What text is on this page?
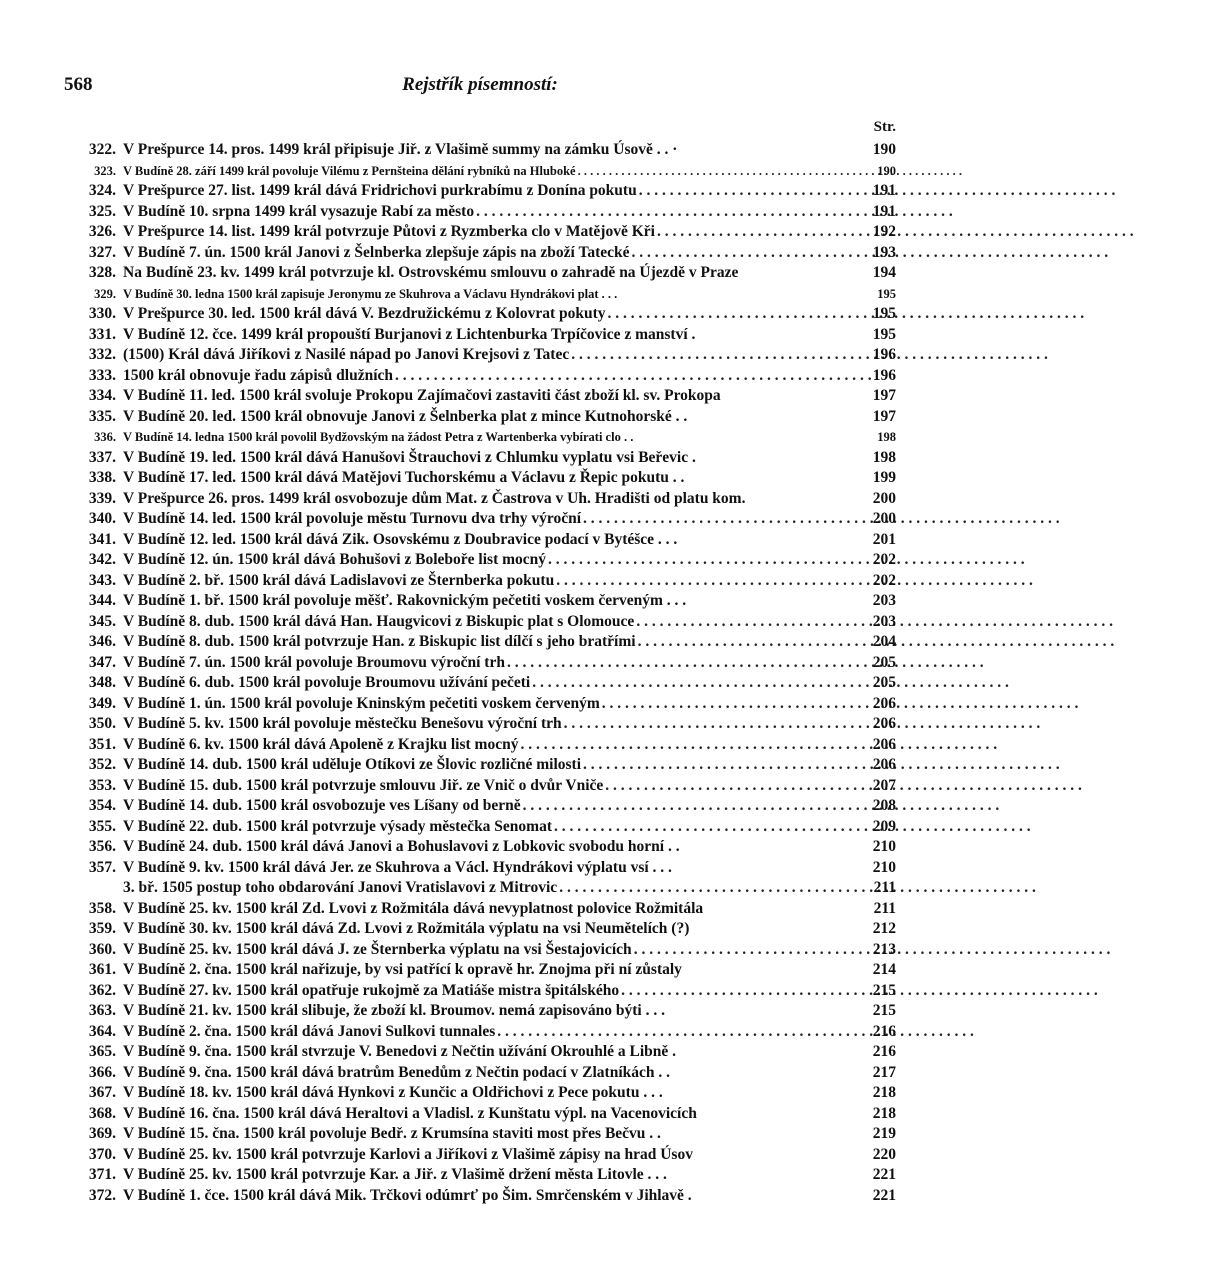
568	Rejstřík písemností:
Str.
322. V Prešpurce 14. pros. 1499 král připisuje Jiř. z Vlašimě summy na zámku Úsově . . ·	190
323. V Budíně 28. září 1499 král povoluje Vilému z Pernšteina dělání rybníků na Hluboké . . .	190
324. V Prešpurce 27. list. 1499 král dává Fridrichovi purkrabímu z Donína pokutu . . .	191
325. V Budíně 10. srpna 1499 král vysazuje Rabí za město . . .	191
326. V Prešpurce 14. list. 1499 král potvrzuje Půtovi z Ryzmberka clo v Matějově Kři . . .	192
327. V Budíně 7. ún. 1500 král Janovi z Šelnberka zlepšuje zápis na zboží Tatecké . . .	193
328. Na Budíně 23. kv. 1499 král potvrzuje kl. Ostrovskému smlouvu o zahradě na Újezdě v Praze	194
329. V Budíně 30. ledna 1500 král zapisuje Jeronymu ze Skuhrova a Václavu Hyndrákovi plat . . .	195
330. V Prešpurce 30. led. 1500 král dává V. Bezdružickému z Kolovrat pokuty . . .	195
331. V Budíně 12. čce. 1499 král propouští Burjanovi z Lichtenburka Trpíčovice z manství .	195
332. (1500) Král dává Jiříkovi z Nasilé nápad po Janovi Krejsovi z Tatec . . .	196
333. 1500 král obnovuje řadu zápisů dlužních . . .	196
334. V Budíně 11. led. 1500 král svoluje Prokopu Zajímačovi zastaviti část zboží kl. sv. Prokopa	197
335. V Budíně 20. led. 1500 král obnovuje Janovi z Šelnberka plat z mince Kutnohorské . .	197
336. V Budíně 14. ledna 1500 král povolil Bydžovským na žádost Petra z Wartenberka vybírati clo . .	198
337. V Budíně 19. led. 1500 král dává Hanušovi Štrauchovi z Chlumku vyplatu vsi Beřevic .	198
338. V Budíně 17. led. 1500 král dává Matějovi Tuchorskému a Václavu z Řepic pokutu . .	199
339. V Prešpurce 26. pros. 1499 král osvobozuje dům Mat. z Častrova v Uh. Hradišti od platu kom.	200
340. V Budíně 14. led. 1500 král povoluje městu Turnovu dva trhy výroční . . .	200
341. V Budíně 12. led. 1500 král dává Zik. Osovskému z Doubravice podací v Bytéšce . . .	201
342. V Budíně 12. ún. 1500 král dává Bohušovi z Boleboře list mocný . . .	202
343. V Budíně 2. bř. 1500 král dává Ladislavovi ze Šternberka pokutu . . .	202
344. V Budíně 1. bř. 1500 král povoluje měšť. Rakovnickým pečetiti voskem červeným . . .	203
345. V Budíně 8. dub. 1500 král dává Han. Haugvicovi z Biskupic plat s Olomouce . . .	203
346. V Budíně 8. dub. 1500 král potvrzuje Han. z Biskupic list dílčí s jeho bratřími . . .	204
347. V Budíně 7. ún. 1500 král povoluje Broumovu výroční trh . . .	205
348. V Budíně 6. dub. 1500 král povoluje Broumovu užívání pečeti . . .	205
349. V Budíně 1. ún. 1500 král povoluje Kninským pečetiti voskem červeným . . .	206
350. V Budíně 5. kv. 1500 král povoluje městečku Benešovu výroční trh . . .	206
351. V Budíně 6. kv. 1500 král dává Apoleně z Krajku list mocný . . .	206
352. V Budíně 14. dub. 1500 král uděluje Otíkovi ze Šlovic rozličné milosti . . .	206
353. V Budíně 15. dub. 1500 král potvrzuje smlouvu Jiř. ze Vnič o dvůr Vniče . . .	207
354. V Budíně 14. dub. 1500 král osvobozuje ves Líšany od berně . . .	208
355. V Budíně 22. dub. 1500 král potvrzuje výsady městečka Senomat . . .	209
356. V Budíně 24. dub. 1500 král dává Janovi a Bohuslavovi z Lobkovic svobodu horní . .	210
357. V Budíně 9. kv. 1500 král dává Jer. ze Skuhrova a Václ. Hyndrákovi výplatu vsí . . .	210
3. bř. 1505 postup toho obdarování Janovi Vratislavovi z Mitrovic . . .	211
358. V Budíně 25. kv. 1500 král Zd. Lvovi z Rožmitála dává nevyplatnost polovice Rožmitála	211
359. V Budíně 30. kv. 1500 král dává Zd. Lvovi z Rožmitála výplatu na vsi Neumětelích (?)	212
360. V Budíně 25. kv. 1500 král dává J. ze Šternberka výplatu na vsi Šestajovicích . . .	213
361. V Budíně 2. čna. 1500 král nařizuje, by vsi patřící k opravě hr. Znojma při ní zůstaly	214
362. V Budíně 27. kv. 1500 král opatřuje rukojmě za Matiáše mistra špitálského . . .	215
363. V Budíně 21. kv. 1500 král slibuje, že zboží kl. Broumov. nemá zapisováno býti . . .	215
364. V Budíně 2. čna. 1500 král dává Janovi Sulkovi tunnales . . .	216
365. V Budíně 9. čna. 1500 král stvrzuje V. Benedovi z Nečtin užívání Okrouhlé a Libně .	216
366. V Budíně 9. čna. 1500 král dává bratrům Benedům z Nečtin podací v Zlatníkách . .	217
367. V Budíně 18. kv. 1500 král dává Hynkovi z Kunčic a Oldřichovi z Pece pokutu . . .	218
368. V Budíně 16. čna. 1500 král dává Heraltovi a Vladisl. z Kunštatu výpl. na Vacenovicích	218
369. V Budíně 15. čna. 1500 král povoluje Bedř. z Krumsína staviti most přes Bečvu . .	219
370. V Budíně 25. kv. 1500 král potvrzuje Karlovi a Jiříkovi z Vlašimě zápisy na hrad Úsov	220
371. V Budíně 25. kv. 1500 král potvrzuje Kar. a Jiř. z Vlašimě držení města Litovle . . .	221
372. V Budíně 1. čce. 1500 král dává Mik. Trčkovi odúmrť po Šim. Smrčenském v Jihlavě .	221
